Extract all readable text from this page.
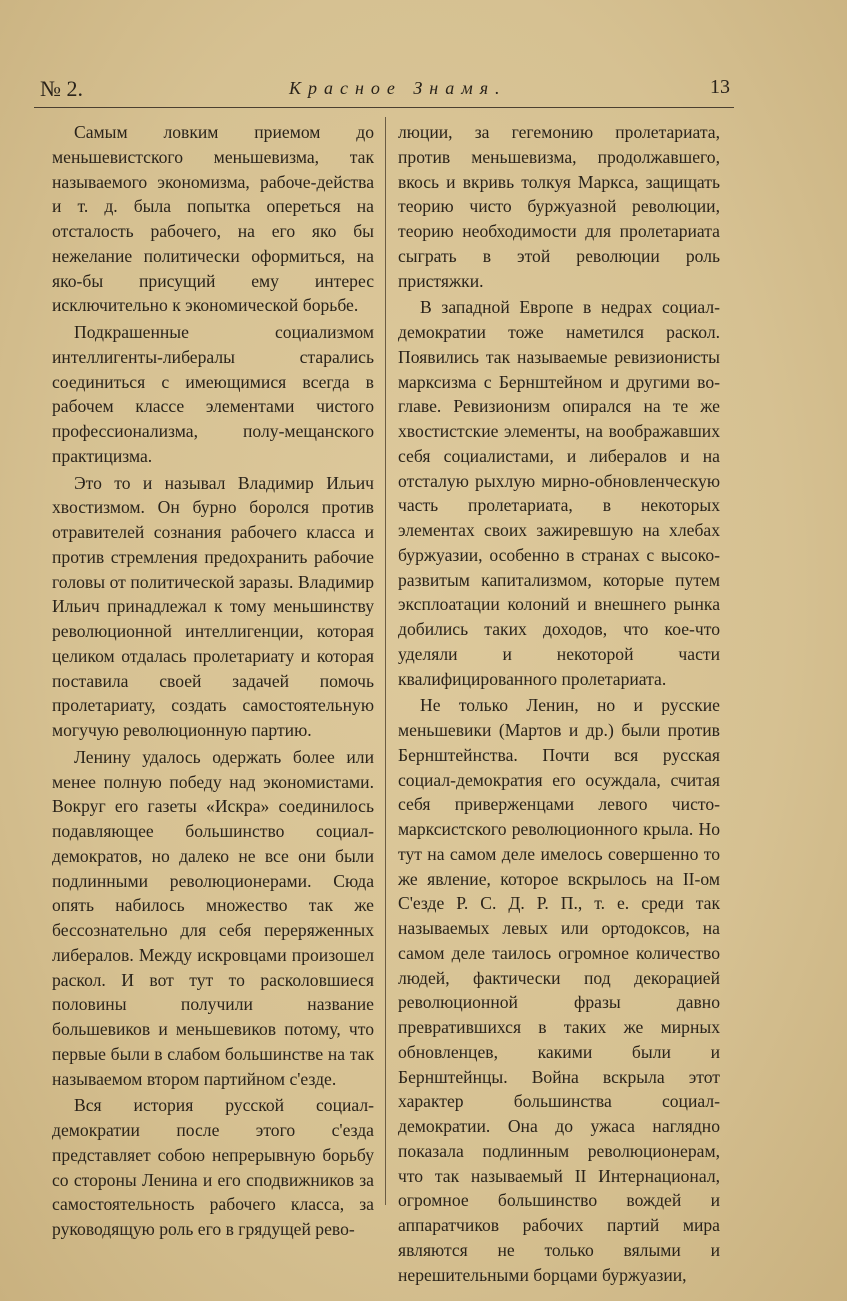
№ 2.	Красное Знамя.	13

Самым ловким приемом до меньшевистского меньшевизма, так называемого экономизма, рабоче-действа и т. д. была попытка опереться на отсталость рабочего, на его яко бы нежелание политически оформиться, на яко-бы присущий ему интерес исключительно к экономической борьбе.

Подкрашенные социализмом интеллигенты-либералы старались соединиться с имеющимися всегда в рабочем классе элементами чистого профессионализма, полу-мещанского практицизма.

Это то и называл Владимир Ильич хвостизмом. Он бурно боролся против отравителей сознания рабочего класса и против стремления предохранить рабочие головы от политической заразы. Владимир Ильич принадлежал к тому меньшинству революционной интеллигенции, которая целиком отдалась пролетариату и которая поставила своей задачей помочь пролетариату, создать самостоятельную могучую революционную партию.

Ленину удалось одержать более или менее полную победу над экономистами. Вокруг его газеты «Искра» соединилось подавляющее большинство социал-демократов, но далеко не все они были подлинными революционерами. Сюда опять набилось множество так же бессознательно для себя переряженных либералов. Между искровцами произошел раскол. И вот тут то расколовшиеся половины получили название большевиков и меньшевиков потому, что первые были в слабом большинстве на так называемом втором партийном с'езде.

Вся история русской социал-демократии после этого с'езда представляет собою непрерывную борьбу со стороны Ленина и его сподвижников за самостоятельность рабочего класса, за руководящую роль его в грядущей рево-

люции, за гегемонию пролетариата, против меньшевизма, продолжавшего, вкось и вкривь толкуя Маркса, защищать теорию чисто буржуазной революции, теорию необходимости для пролетариата сыграть в этой революции роль пристяжки.

В западной Европе в недрах социал-демократии тоже наметился раскол. Появились так называемые ревизионисты марксизма с Бернштейном и другими во-главе. Ревизионизм опирался на те же хвостистские элементы, на воображавших себя социалистами, и либералов и на отсталую рыхлую мирно-обновленческую часть пролетариата, в некоторых элементах своих зажиревшую на хлебах буржуазии, особенно в странах с высоко-развитым капитализмом, которые путем эксплоатации колоний и внешнего рынка добились таких доходов, что кое-что уделяли и некоторой части квалифицированного пролетариата.

Не только Ленин, но и русские меньшевики (Мартов и др.) были против Бернштейнства. Почти вся русская социал-демократия его осуждала, считая себя приверженцами левого чисто-марксистского революционного крыла. Но тут на самом деле имелось совершенно то же явление, которое вскрылось на II-ом С'езде Р. С. Д. Р. П., т. е. среди так называемых левых или ортодоксов, на самом деле таилось огромное количество людей, фактически под декорацией революционной фразы давно превратившихся в таких же мирных обновленцев, какими были и Бернштейнцы. Война вскрыла этот характер большинства социал-демократии. Она до ужаса наглядно показала подлинным революционерам, что так называемый II Интернационал, огромное большинство вождей и аппаратчиков рабочих партий мира являются не только вялыми и нерешительными борцами буржуазии,
